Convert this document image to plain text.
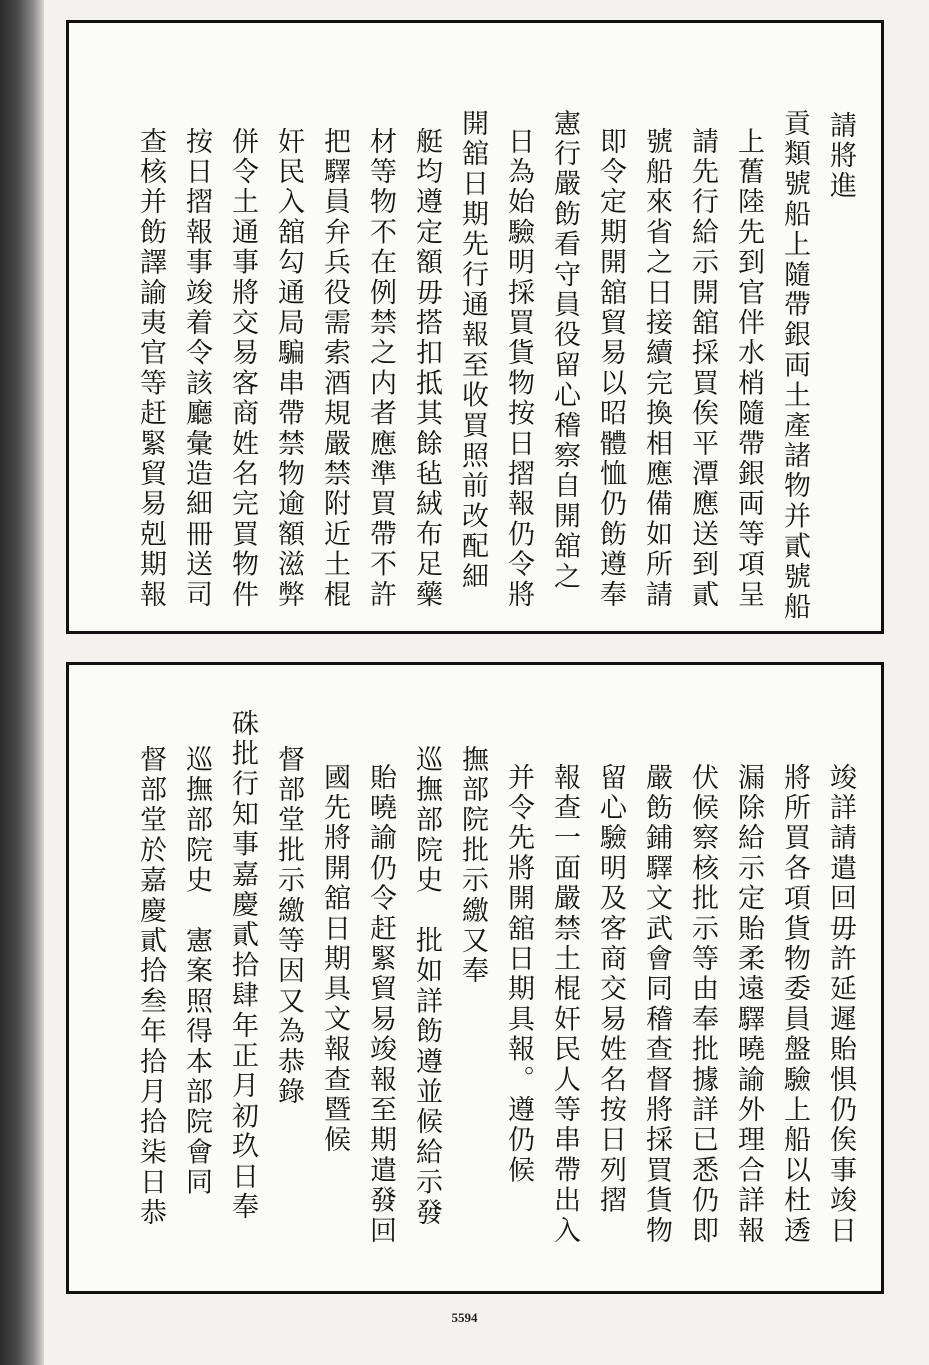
請將進
貢類號船上隨帶銀両土產諸物并貳號船
上𦾔陸先到官伴水梢隨帶銀両等項呈
請先行給示開舘採買俟平潭應送到貳
號船來省之日接續完換相應備如所請
即令定期開舘貿易以昭體恤仍飭遵奉
憲行嚴飭看守員役留心稽察自開舘之
日為始驗明採買貨物按日摺報仍令將
開舘日期先行通報至收買照前改配細
艇均遵定額毋搭扣抵其餘毡絨布足藥
材等物不在例禁之内者應準買帶不許
把驛員弁兵役需索酒規嚴禁附近土棍
奸民入舘勾通局騙串帶禁物逾額滋弊
併令土通事將交易客商姓名完買物件
按日摺報事竣着令該廳彙造細冊送司
查核并飭譯諭夷官等赶緊貿易剋期報
竣詳請遣回毋許延遲貽惧仍俟事竣日
將所買各項貨物委員盤驗上船以杜透
漏除給示定貽柔遠驛曉諭外理合詳報
伏候察核批示等由奉批據詳已悉仍即
嚴飭鋪驛文武會同稽查督將採買貨物
留心驗明及客商交易姓名按日列摺
報查一面嚴禁土棍奸民人等串帶出入
并令先將開舘日期具報。遵仍候
撫部院批示繳又奉
巡撫部院史　批如詳飭遵並候給示發
貽曉諭仍令赶緊貿易竣報至期遣發回
國先將開舘日期具文報查暨候
督部堂批示繳等因又為恭錄
硃批行知事嘉慶貳拾肆年正月初玖日奉
巡撫部院史　憲案照得本部院會同
督部堂於嘉慶貳拾叁年拾月拾柒日恭
5594
